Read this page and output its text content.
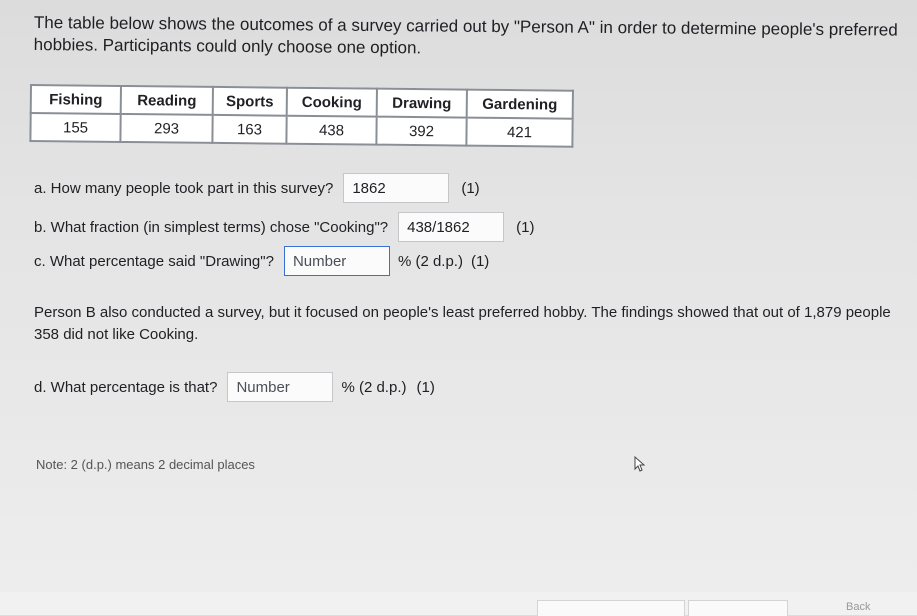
The table below shows the outcomes of a survey carried out by "Person A" in order to determine people's preferred hobbies. Participants could only choose one option.

Fishing	Reading	Sports	Cooking	Drawing	Gardening
155	293	163	438	392	421
a. How many people took part in this survey?	1862	(1)
b. What fraction (in simplest terms) chose "Cooking"?	438/1862	(1)
c. What percentage said "Drawing"?	Number	% (2 d.p.) (1)

Person B also conducted a survey, but it focused on people's least preferred hobby. The findings showed that out of 1,879 people 358 did not like Cooking.

d. What percentage is that?	Number	% (2 d.p.) (1)
Note: 2 (d.p.) means 2 decimal places
Back
